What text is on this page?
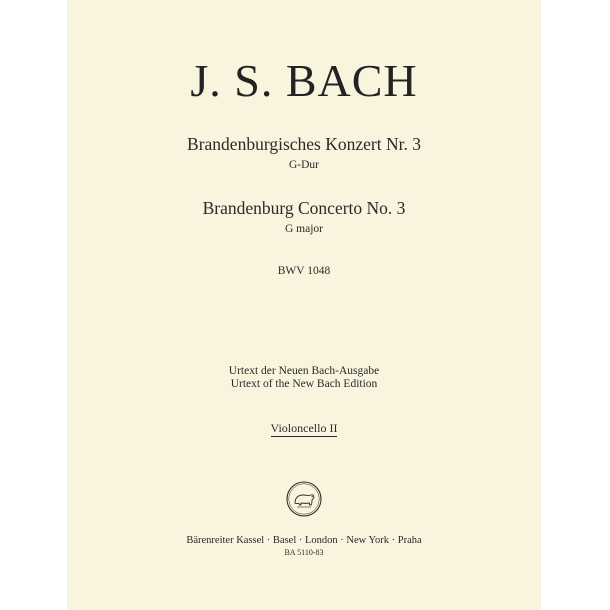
J. S. BACH
Brandenburgisches Konzert Nr. 3
G-Dur
Brandenburg Concerto No. 3
G major
BWV 1048
Urtext der Neuen Bach-Ausgabe
Urtext of the New Bach Edition
Violoncello II
Bärenreiter Kassel · Basel · London · New York · Praha
BA 5110-83
